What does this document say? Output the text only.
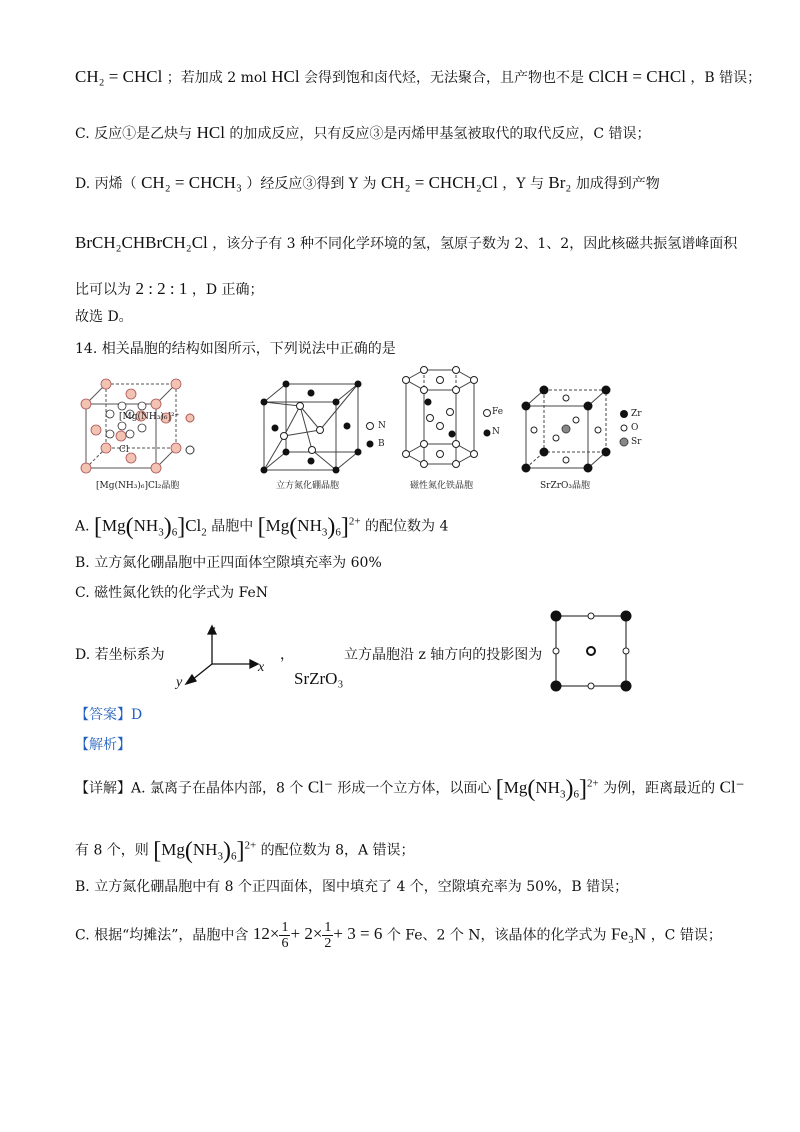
CH₂ = CHCl ；若加成 2 mol HCl 会得到饱和卤代烃，无法聚合，且产物也不是 ClCH = CHCl ，B 错误；
C. 反应①是乙炔与 HCl 的加成反应，只有反应③是丙烯甲基氢被取代的取代反应，C 错误；
D. 丙烯（ CH₂ = CHCH₃ ）经反应③得到 Y 为 CH₂ = CHCH₂Cl ，Y 与 Br₂ 加成得到产物
BrCH₂CHBrCH₂Cl ，该分子有 3 种不同化学环境的氢，氢原子数为 2、1、2，因此核磁共振氢谱峰面积
比可以为 2 : 2 : 1 ，D 正确；
故选 D。
14. 相关晶胞的结构如图所示，下列说法中正确的是
[Mg(NH₃)₆]²⁺
Cl
[Mg(NH₃)₆]Cl₂晶胞
N
B
立方氮化硼晶胞
Fe
N
磁性氮化铁晶胞
Zr
O
Sr
SrZrO₃晶胞
A. $[Mg(NH_3)_6]Cl_2$ 晶胞中 $[Mg(NH_3)_6]^{2+}$ 的配位数为 4
B. 立方氮化硼晶胞中正四面体空隙填充率为 60%
C. 磁性氮化铁的化学式为 FeN
D. 若坐标系为
z
x
y
，
SrZrO₃
立方晶胞沿 z 轴方向的投影图为
【答案】D
【解析】
【详解】A. 氯离子在晶体内部，8 个 Cl⁻ 形成一个立方体，以面心 $[Mg(NH_3)_6]^{2+}$ 为例，距离最近的 Cl⁻
有 8 个，则 $[Mg(NH_3)_6]^{2+}$ 的配位数为 8，A 错误；
B. 立方氮化硼晶胞中有 8 个正四面体，图中填充了 4 个，空隙填充率为 50%，B 错误；
C. 根据“均摊法”，晶胞中含 $12\times \frac{1}{6} + 2\times \frac{1}{2} + 3 = 6$ 个 Fe、2 个 N，该晶体的化学式为 Fe₃N ，C 错误；
